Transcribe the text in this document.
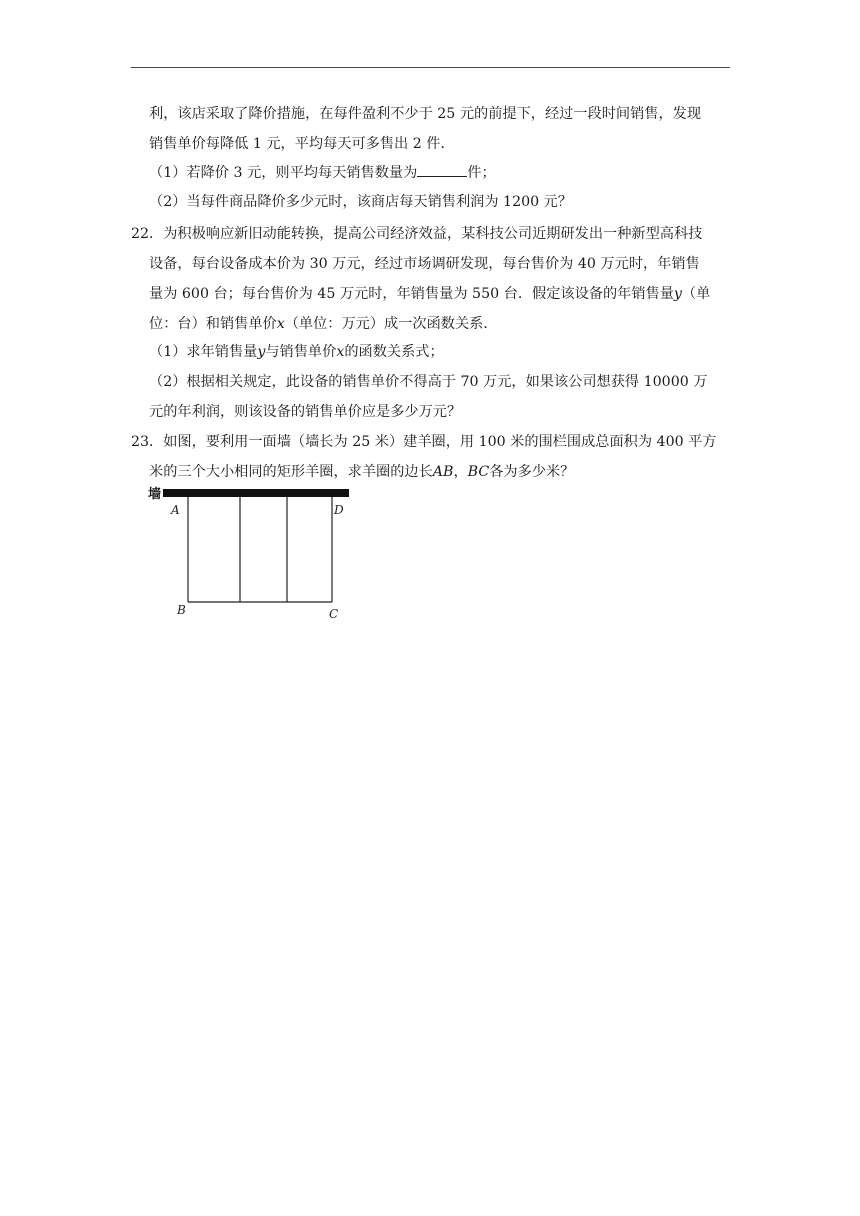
利，该店采取了降价措施，在每件盈利不少于 25 元的前提下，经过一段时间销售，发现
销售单价每降低 1 元，平均每天可多售出 2 件．
（1）若降价 3 元，则平均每天销售数量为	件；
（2）当每件商品降价多少元时，该商店每天销售利润为 1200 元？
22．为积极响应新旧动能转换，提高公司经济效益，某科技公司近期研发出一种新型高科技
设备，每台设备成本价为 30 万元，经过市场调研发现，每台售价为 40 万元时，年销售
量为 600 台；每台售价为 45 万元时，年销售量为 550 台．假定该设备的年销售量y（单
位：台）和销售单价x（单位：万元）成一次函数关系．
（1）求年销售量y与销售单价x的函数关系式；
（2）根据相关规定，此设备的销售单价不得高于 70 万元，如果该公司想获得 10000 万
元的年利润，则该设备的销售单价应是多少万元？
23．如图，要利用一面墙（墙长为 25 米）建羊圈，用 100 米的围栏围成总面积为 400 平方
米的三个大小相同的矩形羊圈，求羊圈的边长AB，BC各为多少米？
墙
A	D
B	C
